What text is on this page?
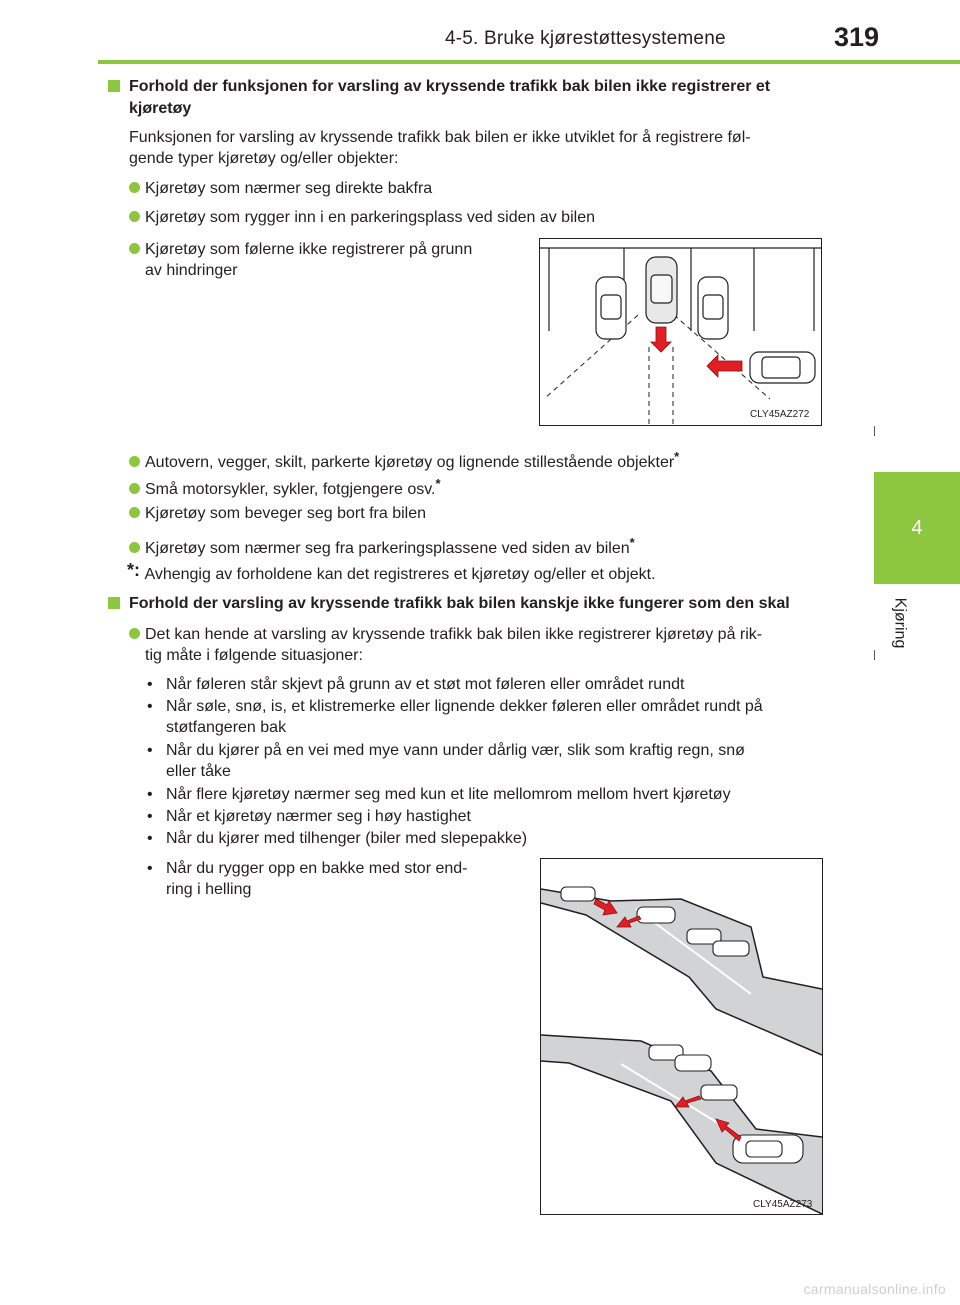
4-5. Bruke kjørestøttesystemene	319
4
Kjøring
Forhold der funksjonen for varsling av kryssende trafikk bak bilen ikke registrerer et
kjøretøy
Funksjonen for varsling av kryssende trafikk bak bilen er ikke utviklet for å registrere føl-
gende typer kjøretøy og/eller objekter:
Kjøretøy som nærmer seg direkte bakfra
Kjøretøy som rygger inn i en parkeringsplass ved siden av bilen
Kjøretøy som følerne ikke registrerer på grunn
av hindringer
CLY45AZ272
Autovern, vegger, skilt, parkerte kjøretøy og lignende stillestående objekter*
Små motorsykler, sykler, fotgjengere osv.*
Kjøretøy som beveger seg bort fra bilen
Kjøretøy som nærmer seg fra parkeringsplassene ved siden av bilen*
*: Avhengig av forholdene kan det registreres et kjøretøy og/eller et objekt.
Forhold der varsling av kryssende trafikk bak bilen kanskje ikke fungerer som den skal
Det kan hende at varsling av kryssende trafikk bak bilen ikke registrerer kjøretøy på rik-
tig måte i følgende situasjoner:
• Når føleren står skjevt på grunn av et støt mot føleren eller området rundt
• Når søle, snø, is, et klistremerke eller lignende dekker føleren eller området rundt på
støtfangeren bak
• Når du kjører på en vei med mye vann under dårlig vær, slik som kraftig regn, snø
eller tåke
• Når flere kjøretøy nærmer seg med kun et lite mellomrom mellom hvert kjøretøy
• Når et kjøretøy nærmer seg i høy hastighet
• Når du kjører med tilhenger (biler med slepepakke)
• Når du rygger opp en bakke med stor end-
ring i helling
CLY45AZ273
carmanualsonline.info
